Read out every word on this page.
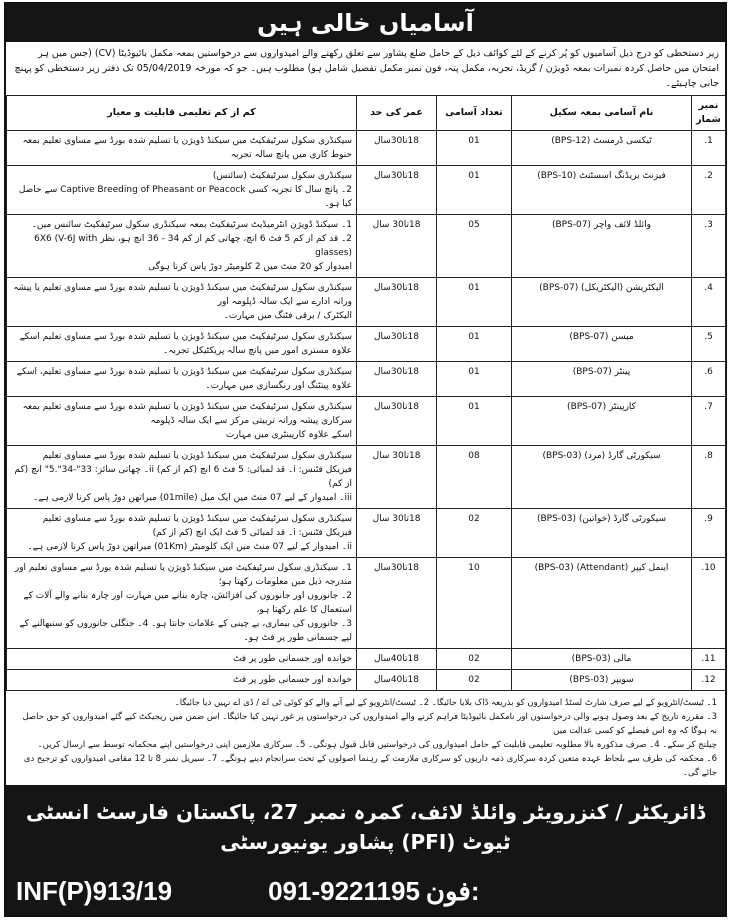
آسامیاں خالی ہیں
زیر دستخطی کو درج ذیل آسامیوں کو پُر کرنے کے لئے کوائف ذیل کے حامل ضلع پشاور سے تعلق رکھنے والے امیدواروں سے درخواستیں بمعہ مکمل بائیوڈیٹا (CV) (جس میں ہر امتحان میں حاصل کردہ نمبرات بمعہ ڈویژن / گریڈ، تجربہ، مکمل پتہ، فون نمبر مکمل تفصیل شامل ہو) مطلوب ہیں۔ جو کہ مورخہ 05/04/2019 تک دفتر زیر دستخطی کو پہنچ جانی چاہیئے۔
نمبر شمار	نام آسامی بمعہ سکیل	تعداد آسامی	عمر کی حد	کم از کم تعلیمی قابلیت و معیار
1.	ٹیکسی ڈرمسٹ (BPS-12)	01	18تا30سال	سیکنڈری سکول سرٹیفکیٹ میں سیکنڈ ڈویژن یا تسلیم شدہ بورڈ سے مساوی تعلیم بمعہ حنوط کاری میں پانچ سالہ تجربہ

2.	فیزنٹ بریڈنگ اسسٹنٹ (BPS-10)	01	18تا30سال	سیکنڈری سکول سرٹیفکیٹ (سائنس)
2۔ پانچ سال کا تجربہ کسی Captive Breeding of Pheasant or Peacock سے حاصل کیا ہو۔

3.	وائلڈ لائف واچر (BPS-07)	05	18تا30 سال	1۔ سیکنڈ ڈویژن انٹرمیڈیٹ سرٹیفکیٹ بمعہ سیکنڈری سکول سرٹیفکیٹ سائنس میں۔
2۔ قد کم از کم 5 فٹ 6 انچ، چھاتی کم از کم 34 - 36 انچ ہو، نظر 6X6 (V-6J with glasses)
امیدوار کو 20 منٹ میں 2 کلومیٹر دوڑ پاس کرنا ہوگی

4.	الیکٹریشن (الیکٹریکل) (BPS-07)	01	18تا30سال	سیکنڈری سکول سرٹیفکیٹ میں سیکنڈ ڈویژن یا تسلیم شدہ بورڈ سے مساوی تعلیم یا پیشہ ورانہ ادارے سے ایک سالہ ڈپلومہ اور
الیکٹرک / برقی فٹنگ میں مہارت۔

5.	میسن (BPS-07)	01	18تا30سال	سیکنڈری سکول سرٹیفکیٹ میں سیکنڈ ڈویژن یا تسلیم شدہ بورڈ سے مساوی تعلیم اسکے علاوہ مستری امور میں پانچ سالہ پریکٹیکل تجربہ۔

6.	پینٹر (BPS-07)	01	18تا30سال	سیکنڈری سکول سرٹیفکیٹ میں سیکنڈ ڈویژن یا تسلیم شدہ بورڈ سے مساوی تعلیم، اسکے علاوہ پینٹنگ اور رنگسازی میں مہارت۔

7.	کارپینٹر (BPS-07)	01	18تا30سال	سیکنڈری سکول سرٹیفکیٹ میں سیکنڈ ڈویژن یا تسلیم شدہ بورڈ سے مساوی تعلیم بمعہ سرکاری پیشہ ورانہ تربیتی مرکز سے ایک سالہ ڈپلومہ
اسکے علاوہ کارپینٹری میں مہارت

8.	سیکورٹی گارڈ (مرد) (BPS-03)	08	18تا30 سال	سیکنڈری سکول سرٹیفکیٹ میں سیکنڈ ڈویژن یا تسلیم شدہ بورڈ سے مساوی تعلیم
فیزیکل فٹنس: i۔ قد لمبائی: 5 فٹ 6 انچ (کم از کم) ii۔ چھاتی سائز: 33"-34".5" انچ (کم از کم)
iii۔ امیدوار کے لیے 07 منٹ میں ایک میل (01mile) میراتھن دوڑ پاس کرنا لازمی ہے۔

9.	سیکورٹی گارڈ (خواتین) (BPS-03)	02	18تا30 سال	سیکنڈری سکول سرٹیفکیٹ میں سیکنڈ ڈویژن یا تسلیم شدہ بورڈ سے مساوی تعلیم
فیزیکل فٹنس: i۔ قد لمبائی 5 فٹ ایک انچ (کم از کم)
ii۔ امیدوار کے لیے 07 منٹ میں ایک کلومیٹر (01Km) میراتھن دوڑ پاس کرنا لازمی ہے۔

10.	اینمل کیپر (Attendant) (BPS-03)	10	18تا30سال	1۔ سیکنڈری سکول سرٹیفکیٹ میں سیکنڈ ڈویژن یا تسلیم شدہ بورڈ سے مساوی تعلیم اور مندرجہ ذیل میں معلومات رکھتا ہو؛
2۔ جانوروں اور جانوروں کی افزائش، چارہ بنانے میں مہارت اور چارہ بنانے والے آلات کے استعمال کا علم رکھتا ہو،
3۔ جانوروں کی بیماری، بے چینی کے علامات جانتا ہو۔ 4۔ جنگلی جانوروں کو سنبھالنے کے لیے جسمانی طور پر فٹ ہو۔

11.	مالی (BPS-03)	02	18تا40سال	خواندہ اور جسمانی طور پر فٹ

12.	سویپر (BPS-03)	02	18تا40سال	خواندہ اور جسمانی طور پر فٹ
1۔ ٹیسٹ/انٹرویو کے لیے صرف شارٹ لسٹڈ امیدواروں کو بذریعہ ڈاک بلایا جائیگا۔ 2۔ ٹیسٹ/انٹرویو کے لیے آنے والے کو کوئی ٹی اے / ڈی اے نہیں دیا جائیگا۔
3۔ مقررہ تاریخ کے بعد وصول ہونے والی درخواستوں اور نامکمل بائیوڈیٹا فراہم کرنے والے امیدواروں کی درخواستوں پر غور نہیں کیا جائیگا۔ اس ضمن میں ریجیکٹ کیے گئے امیدواروں کو حق حاصل نہ ہوگا کہ وہ اس فیصلے کو کسی عدالت میں
چیلنج کر سکے۔ 4۔ صرف مذکورہ بالا مطلوبہ تعلیمی قابلیت کے حامل امیدواروں کی درخواستیں قابل قبول ہونگی۔ 5۔ سرکاری ملازمین اپنی درخواستیں اپنے محکمانہ توسط سے ارسال کریں۔
6۔ محکمہ کی طرف سے بلحاظ عہدہ متعین کردہ سرکاری ذمہ داریوں کو سرکاری ملازمت کے رہنما اصولوں کے تحت سرانجام دینے ہونگے۔ 7۔ سیریل نمبر 8 تا 12 مقامی امیدواروں کو ترجیح دی جائے گی۔
ڈائریکٹر / کنزرویٹر وائلڈ لائف، کمرہ نمبر 27، پاکستان فارسٹ انسٹی ٹیوٹ (PFI) پشاور یونیورسٹی
INF(P)913/19	091-9221195 فون:
